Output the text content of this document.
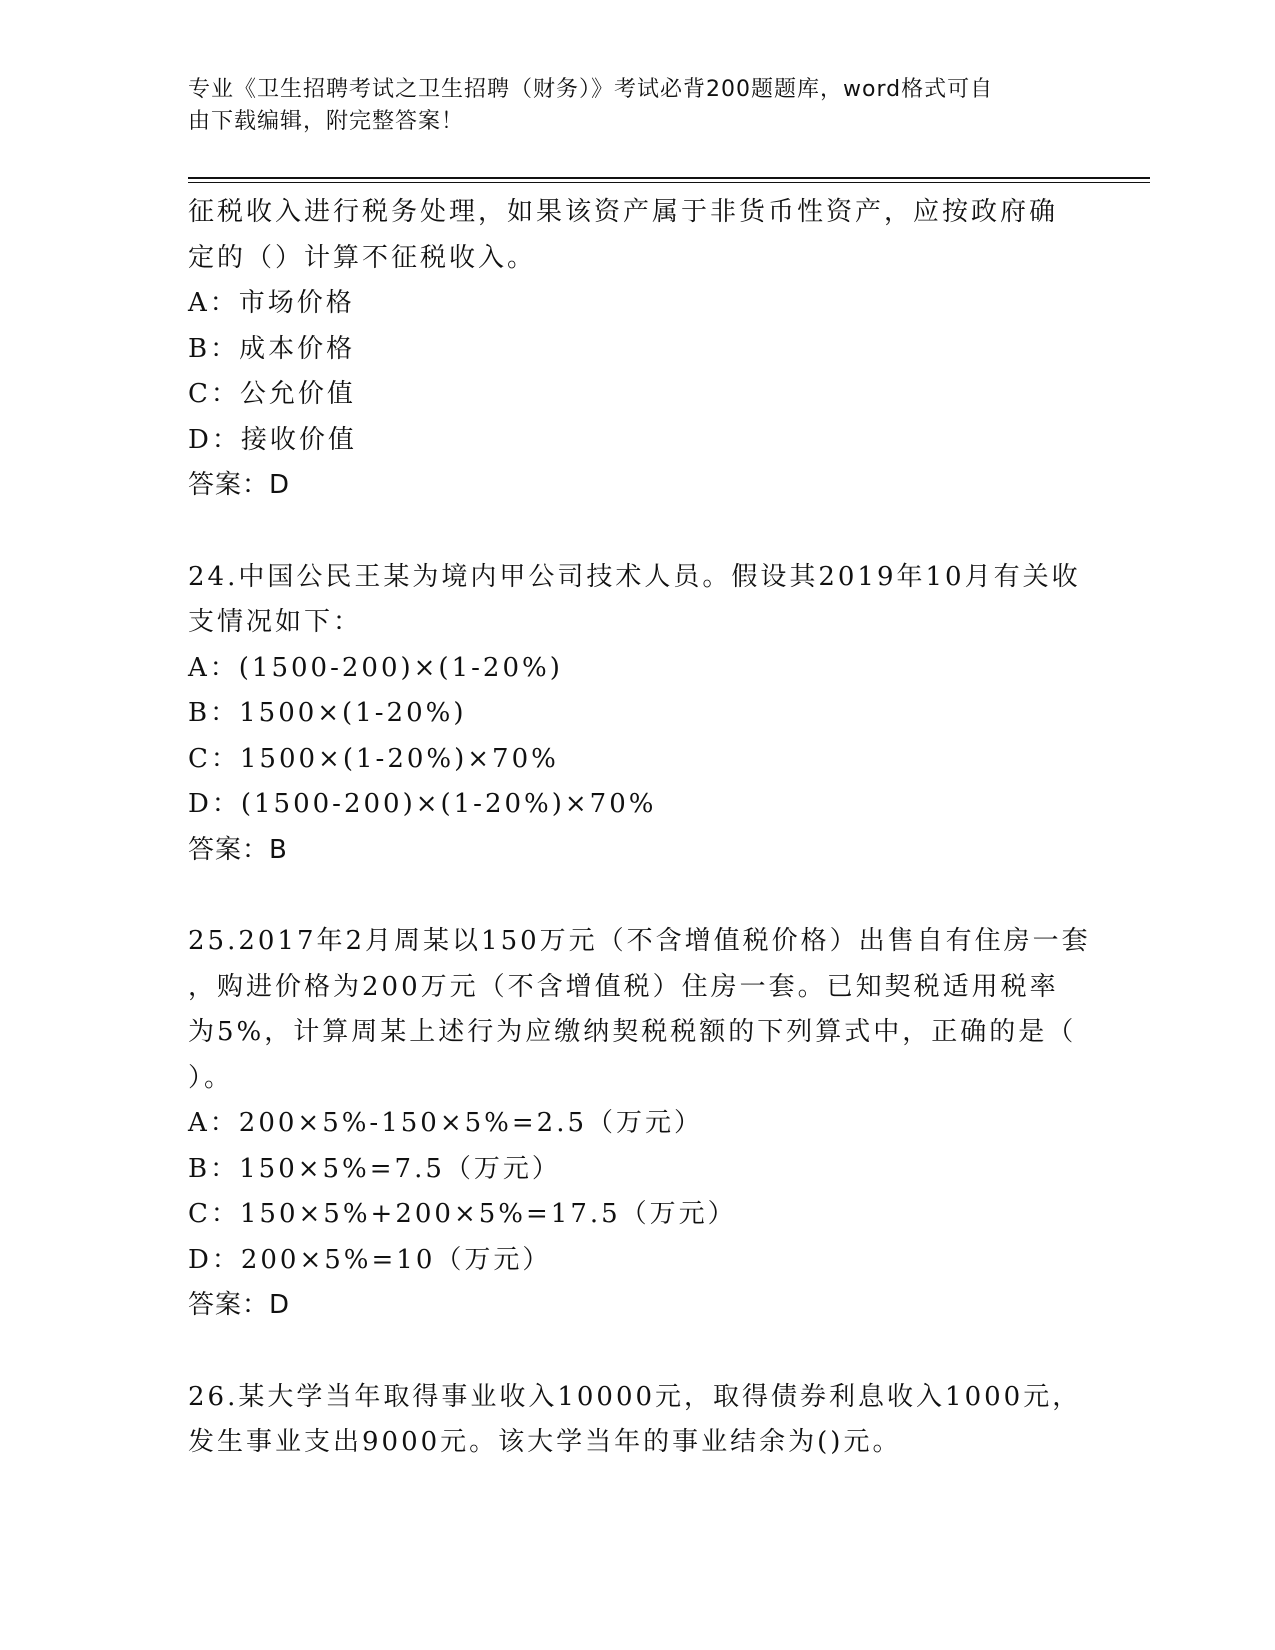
专业《卫生招聘考试之卫生招聘（财务）》考试必背200题题库，word格式可自
由下载编辑，附完整答案！
征税收入进行税务处理，如果该资产属于非货币性资产，应按政府确
定的（）计算不征税收入。
A：市场价格
B：成本价格
C：公允价值
D：接收价值
答案：D
24.中国公民王某为境内甲公司技术人员。假设其2019年10月有关收
支情况如下：
A：(1500-200)×(1-20%)
B：1500×(1-20%)
C：1500×(1-20%)×70%
D：(1500-200)×(1-20%)×70%
答案：B
25.2017年2月周某以150万元（不含增值税价格）出售自有住房一套
，购进价格为200万元（不含增值税）住房一套。已知契税适用税率
为5%，计算周某上述行为应缴纳契税税额的下列算式中，正确的是（
）。
A：200×5%-150×5%=2.5（万元）
B：150×5%=7.5（万元）
C：150×5%+200×5%=17.5（万元）
D：200×5%=10（万元）
答案：D
26.某大学当年取得事业收入10000元，取得债券利息收入1000元，
发生事业支出9000元。该大学当年的事业结余为()元。
